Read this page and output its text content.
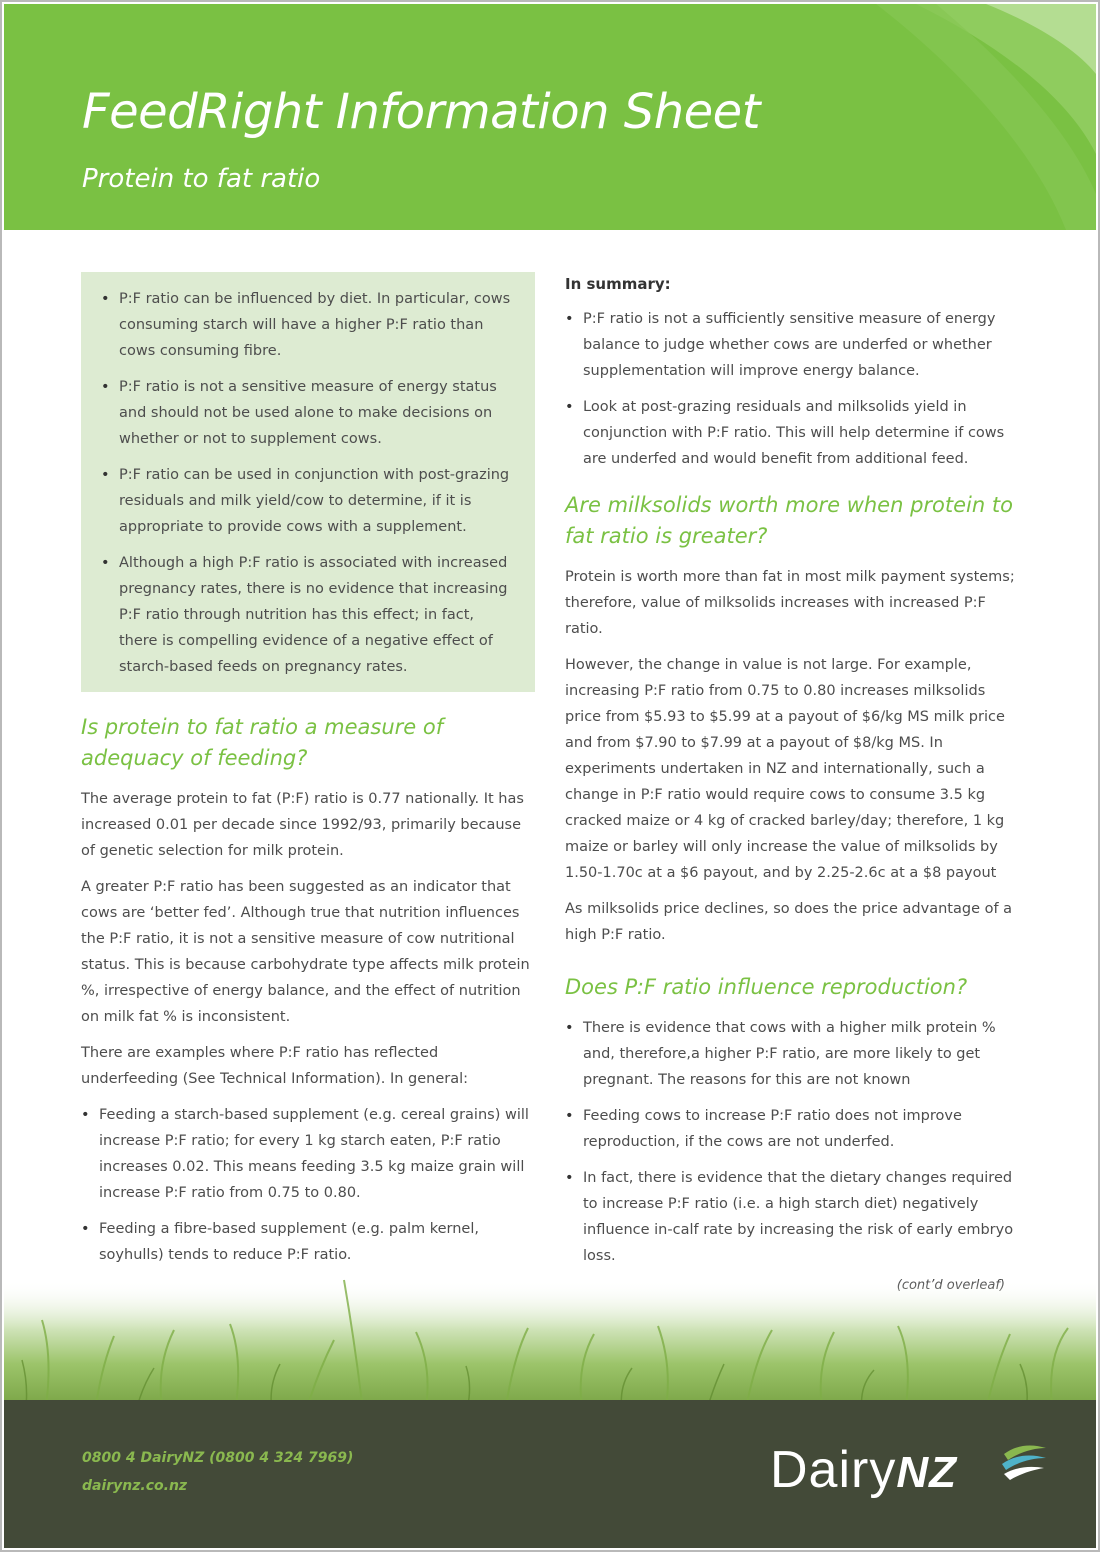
FeedRight Information Sheet
Protein to fat ratio
• P:F ratio can be influenced by diet. In particular, cows consuming starch will have a higher P:F ratio than cows consuming fibre.
• P:F ratio is not a sensitive measure of energy status and should not be used alone to make decisions on whether or not to supplement cows.
• P:F ratio can be used in conjunction with post-grazing residuals and milk yield/cow to determine, if it is appropriate to provide cows with a supplement.
• Although a high P:F ratio is associated with increased pregnancy rates, there is no evidence that increasing P:F ratio through nutrition has this effect; in fact, there is compelling evidence of a negative effect of starch-based feeds on pregnancy rates.
Is protein to fat ratio a measure of adequacy of feeding?

The average protein to fat (P:F) ratio is 0.77 nationally. It has increased 0.01 per decade since 1992/93, primarily because of genetic selection for milk protein.

A greater P:F ratio has been suggested as an indicator that cows are ‘better fed’. Although true that nutrition influences the P:F ratio, it is not a sensitive measure of cow nutritional status. This is because carbohydrate type affects milk protein %, irrespective of energy balance, and the effect of nutrition on milk fat % is inconsistent.

There are examples where P:F ratio has reflected underfeeding (See Technical Information). In general:

• Feeding a starch-based supplement (e.g. cereal grains) will increase P:F ratio; for every 1 kg starch eaten, P:F ratio increases 0.02. This means feeding 3.5 kg maize grain will increase P:F ratio from 0.75 to 0.80.
• Feeding a fibre-based supplement (e.g. palm kernel, soyhulls) tends to reduce P:F ratio.
In summary:
• P:F ratio is not a sufficiently sensitive measure of energy balance to judge whether cows are underfed or whether supplementation will improve energy balance.
• Look at post-grazing residuals and milksolids yield in conjunction with P:F ratio. This will help determine if cows are underfed and would benefit from additional feed.
Are milksolids worth more when protein to fat ratio is greater?

Protein is worth more than fat in most milk payment systems; therefore, value of milksolids increases with increased P:F ratio.

However, the change in value is not large. For example, increasing P:F ratio from 0.75 to 0.80 increases milksolids price from $5.93 to $5.99 at a payout of $6/kg MS milk price and from $7.90 to $7.99 at a payout of $8/kg MS. In experiments undertaken in NZ and internationally, such a change in P:F ratio would require cows to consume 3.5 kg cracked maize or 4 kg of cracked barley/day; therefore, 1 kg maize or barley will only increase the value of milksolids by 1.50-1.70c at a $6 payout, and by 2.25-2.6c at a $8 payout

As milksolids price declines, so does the price advantage of a high P:F ratio.

Does P:F ratio influence reproduction?
• There is evidence that cows with a higher milk protein % and, therefore,a higher P:F ratio, are more likely to get pregnant. The reasons for this are not known
• Feeding cows to increase P:F ratio does not improve reproduction, if the cows are not underfed.
• In fact, there is evidence that the dietary changes required to increase P:F ratio (i.e. a high starch diet) negatively influence in-calf rate by increasing the risk of early embryo loss.
0800 4 DairyNZ (0800 4 324 7969)
dairynz.co.nz	DairyNZ
